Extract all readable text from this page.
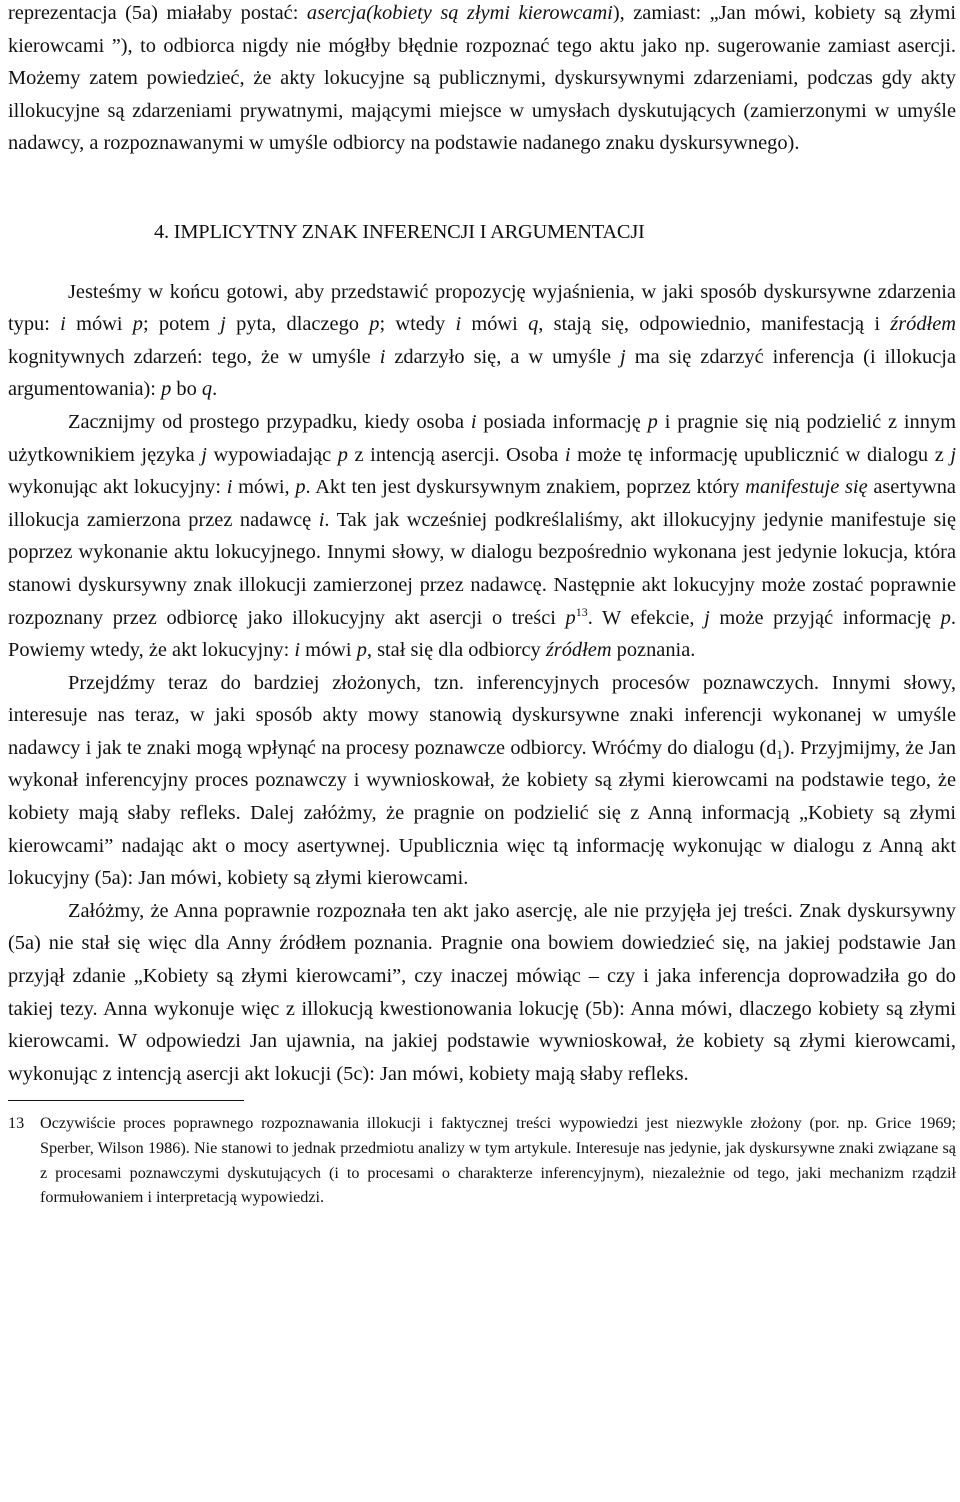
reprezentacja (5a) miałaby postać: asercja(kobiety są złymi kierowcami), zamiast: „Jan mówi, kobiety są złymi kierowcami ”), to odbiorca nigdy nie mógłby błędnie rozpoznać tego aktu jako np. sugerowanie zamiast asercji. Możemy zatem powiedzieć, że akty lokucyjne są publicznymi, dyskursywnymi zdarzeniami, podczas gdy akty illokucyjne są zdarzeniami prywatnymi, mającymi miejsce w umysłach dyskutujących (zamierzonymi w umyśle nadawcy, a rozpoznawanymi w umyśle odbiorcy na podstawie nadanego znaku dyskursywnego).

4. IMPLICYTNY ZNAK INFERENCJI I ARGUMENTACJI

Jesteśmy w końcu gotowi, aby przedstawić propozycję wyjaśnienia, w jaki sposób dyskursywne zdarzenia typu: i mówi p; potem j pyta, dlaczego p; wtedy i mówi q, stają się, odpowiednio, manifestacją i źródłem kognitywnych zdarzeń: tego, że w umyśle i zdarzyło się, a w umyśle j ma się zdarzyć inferencja (i illokucja argumentowania): p bo q.

Zacznijmy od prostego przypadku, kiedy osoba i posiada informację p i pragnie się nią podzielić z innym użytkownikiem języka j wypowiadając p z intencją asercji. Osoba i może tę informację upublicznić w dialogu z j wykonując akt lokucyjny: i mówi, p. Akt ten jest dyskursywnym znakiem, poprzez który manifestuje się asertywna illokucja zamierzona przez nadawcę i. Tak jak wcześniej podkreślaliśmy, akt illokucyjny jedynie manifestuje się poprzez wykonanie aktu lokucyjnego. Innymi słowy, w dialogu bezpośrednio wykonana jest jedynie lokucja, która stanowi dyskursywny znak illokucji zamierzonej przez nadawcę. Następnie akt lokucyjny może zostać poprawnie rozpoznany przez odbiorcę jako illokucyjny akt asercji o treści $p^{13}$. W efekcie, j może przyjąć informację p. Powiemy wtedy, że akt lokucyjny: i mówi p, stał się dla odbiorcy źródłem poznania.

Przejdźmy teraz do bardziej złożonych, tzn. inferencyjnych procesów poznawczych. Innymi słowy, interesuje nas teraz, w jaki sposób akty mowy stanowią dyskursywne znaki inferencji wykonanej w umyśle nadawcy i jak te znaki mogą wpłynąć na procesy poznawcze odbiorcy. Wróćmy do dialogu $(d_1)$. Przyjmijmy, że Jan wykonał inferencyjny proces poznawczy i wywnioskował, że kobiety są złymi kierowcami na podstawie tego, że kobiety mają słaby refleks. Dalej załóżmy, że pragnie on podzielić się z Anną informacją „Kobiety są złymi kierowcami” nadając akt o mocy asertywnej. Upublicznia więc tą informację wykonując w dialogu z Anną akt lokucyjny (5a): Jan mówi, kobiety są złymi kierowcami.

Załóżmy, że Anna poprawnie rozpoznała ten akt jako asercję, ale nie przyjęła jej treści. Znak dyskursywny (5a) nie stał się więc dla Anny źródłem poznania. Pragnie ona bowiem dowiedzieć się, na jakiej podstawie Jan przyjął zdanie „Kobiety są złymi kierowcami”, czy inaczej mówiąc – czy i jaka inferencja doprowadziła go do takiej tezy. Anna wykonuje więc z illokucją kwestionowania lokucję (5b): Anna mówi, dlaczego kobiety są złymi kierowcami. W odpowiedzi Jan ujawnia, na jakiej podstawie wywnioskował, że kobiety są złymi kierowcami, wykonując z intencją asercji akt lokucji (5c): Jan mówi, kobiety mają słaby refleks.

13 Oczywiście proces poprawnego rozpoznawania illokucji i faktycznej treści wypowiedzi jest niezwykle złożony (por. np. Grice 1969; Sperber, Wilson 1986). Nie stanowi to jednak przedmiotu analizy w tym artykule. Interesuje nas jedynie, jak dyskursywne znaki związane są z procesami poznawczymi dyskutujących (i to procesami o charakterze inferencyjnym), niezależnie od tego, jaki mechanizm rządził formułowaniem i interpretacją wypowiedzi.
